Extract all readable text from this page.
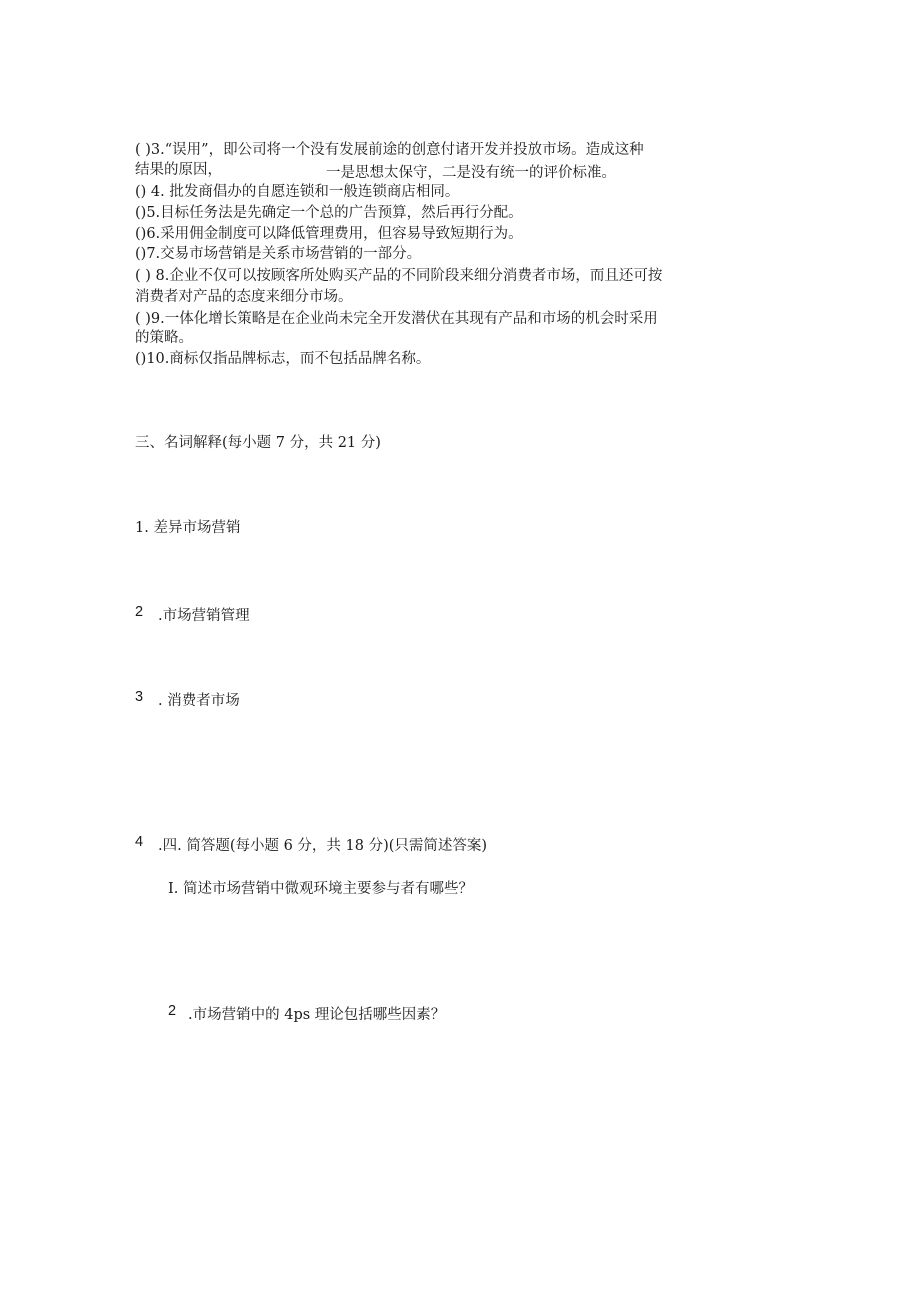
( )3.“误用”，即公司将一个没有发展前途的创意付诸开发并投放市场。造成这种
结果的原因，	一是思想太保守，二是没有统一的评价标准。
() 4. 批发商倡办的自愿连锁和一般连锁商店相同。
()5.目标任务法是先确定一个总的广告预算，然后再行分配。
()6.采用佣金制度可以降低管理费用，但容易导致短期行为。
()7.交易市场营销是关系市场营销的一部分。
( ) 8.企业不仅可以按顾客所处购买产品的不同阶段来细分消费者市场，而且还可按
消费者对产品的态度来细分市场。
( )9.一体化增长策略是在企业尚未完全开发潜伏在其现有产品和市场的机会时采用
的策略。
()10.商标仅指品牌标志，而不包括品牌名称。
三、名词解释(每小题 7 分，共 21 分)
1. 差异市场营销
2 .市场营销管理
3 . 消费者市场
4 .四. 简答题(每小题 6 分，共 18 分)(只需简述答案)
I. 简述市场营销中微观环境主要参与者有哪些？
2 .市场营销中的 4ps 理论包括哪些因素？
